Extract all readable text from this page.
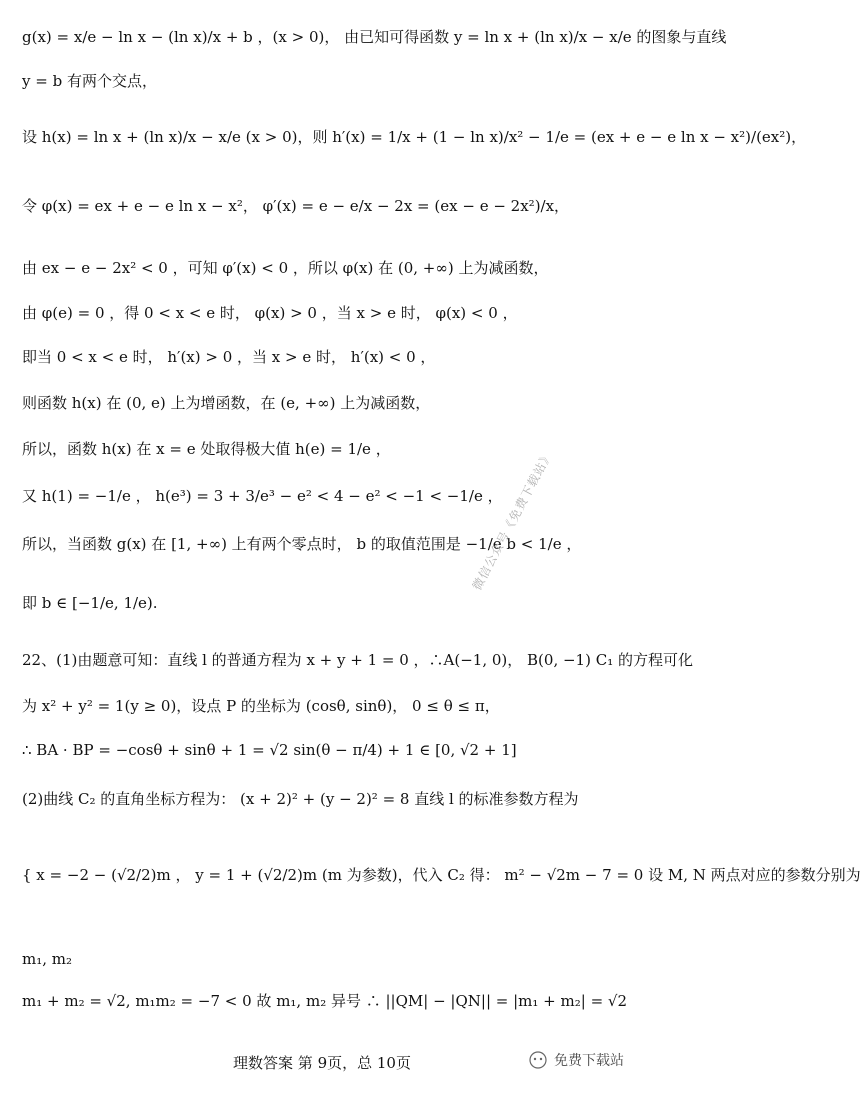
g(x) = x/e − ln x − (ln x)/x + b ，(x > 0)， 由已知可得函数 y = ln x + (ln x)/x − x/e 的图象与直线
y = b 有两个交点，
设 h(x) = ln x + (ln x)/x − x/e (x > 0)，则 h′(x) = 1/x + (1 − ln x)/x² − 1/e = (ex + e − e ln x − x²)/(ex²)，
令 φ(x) = ex + e − e ln x − x²， φ′(x) = e − e/x − 2x = (ex − e − 2x²)/x，
由 ex − e − 2x² < 0 ，可知 φ′(x) < 0 ，所以 φ(x) 在 (0, +∞) 上为减函数，
由 φ(e) = 0 ，得 0 < x < e 时， φ(x) > 0 ，当 x > e 时， φ(x) < 0 ，
即当 0 < x < e 时， h′(x) > 0 ，当 x > e 时， h′(x) < 0 ，
则函数 h(x) 在 (0, e) 上为增函数，在 (e, +∞) 上为减函数，
所以，函数 h(x) 在 x = e 处取得极大值 h(e) = 1/e ，
又 h(1) = −1/e ， h(e³) = 3 + 3/e³ − e² < 4 − e² < −1 < −1/e ，
所以，当函数 g(x) 在 [1, +∞) 上有两个零点时， b 的取值范围是 −1/e b < 1/e ，
即 b ∈ [−1/e, 1/e).
22、(1)由题意可知：直线 l 的普通方程为 x + y + 1 = 0 ，∴A(−1, 0)， B(0, −1) C₁ 的方程可化
为 x² + y² = 1(y ≥ 0)，设点 P 的坐标为 (cosθ, sinθ)， 0 ≤ θ ≤ π，
∴ BA · BP = −cosθ + sinθ + 1 = √2 sin(θ − π/4) + 1 ∈ [0, √2 + 1]
(2)曲线 C₂ 的直角坐标方程为： (x + 2)² + (y − 2)² = 8 直线 l 的标准参数方程为
{ x = −2 − (√2/2)m ， y = 1 + (√2/2)m (m 为参数)，代入 C₂ 得： m² − √2m − 7 = 0 设 M, N 两点对应的参数分别为
m₁, m₂
m₁ + m₂ = √2, m₁m₂ = −7 < 0 故 m₁, m₂ 异号 ∴ ||QM| − |QN|| = |m₁ + m₂| = √2
理数答案 第 9页，总 10页	免费下载站
微信公众号《免费下载站》
